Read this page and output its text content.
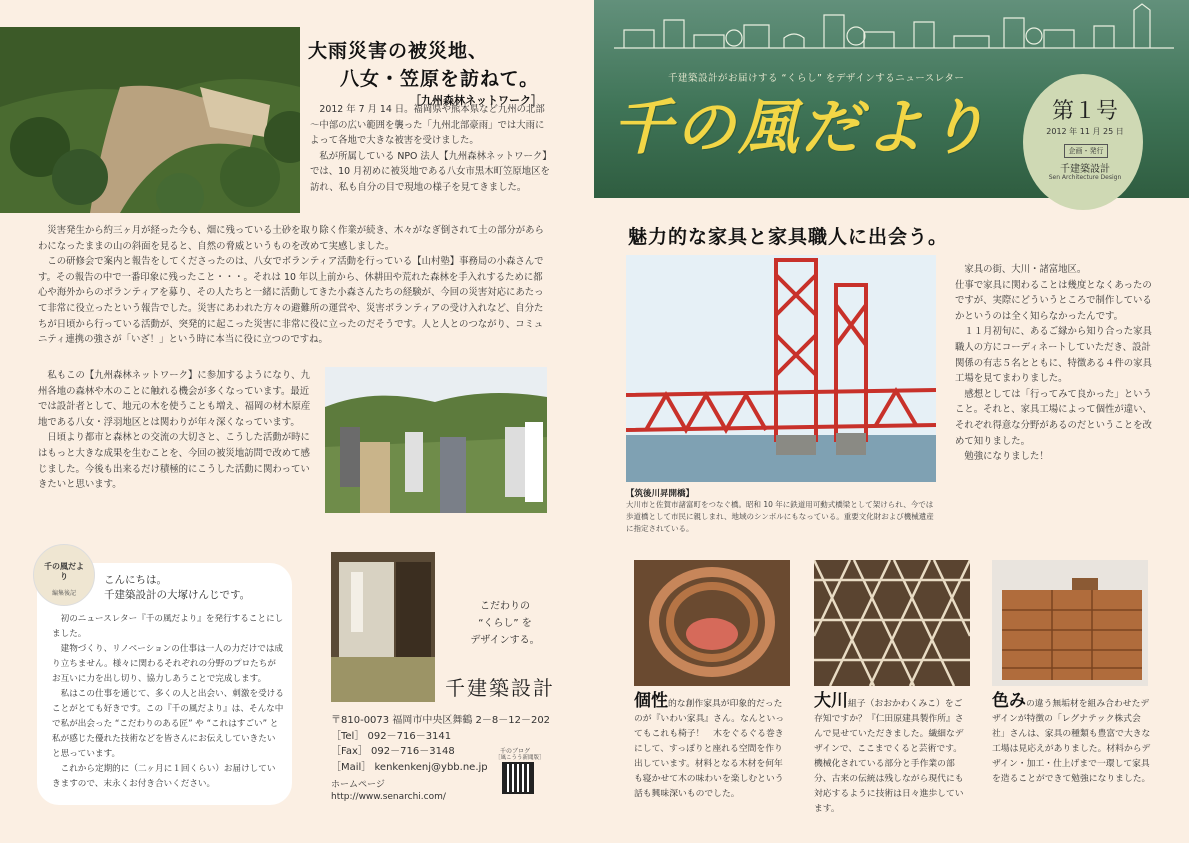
大雨災害の被災地、
八女・笠原を訪ねて。
［九州森林ネットワーク］

2012 年 7 月 14 日。福岡県や熊本県など九州の北部～中部の広い範囲を襲った「九州北部豪雨」では大雨によって各地で大きな被害を受けました。

私が所属している NPO 法人【九州森林ネットワーク】では、10 月初めに被災地である八女市黒木町笠原地区を訪れ、私も自分の目で現地の様子を見てきました。

災害発生から約三ヶ月が経った今も、畑に残っている土砂を取り除く作業が続き、木々がなぎ倒されて土の部分があらわになったままの山の斜面を見ると、自然の脅威というものを改めて実感しました。

この研修会で案内と報告をしてくださったのは、八女でボランティア活動を行っている【山村塾】事務局の小森さんです。その報告の中で一番印象に残ったこと・・・。それは 10 年以上前から、休耕田や荒れた森林を手入れするために都心や海外からのボランティアを募り、その人たちと一緒に活動してきた小森さんたちの経験が、今回の災害対応にあたって非常に役立ったという報告でした。災害にあわれた方々の避難所の運営や、災害ボランティアの受け入れなど、自分たちが日頃から行っている活動が、突発的に起こった災害に非常に役に立ったのだそうです。人と人とのつながり、コミュニティ連携の強さが「いざ！」という時に本当に役に立つのですね。

私もこの【九州森林ネットワーク】に参加するようになり、九州各地の森林や木のことに触れる機会が多くなっています。最近では設計者として、地元の木を使うことも増え、福岡の材木原産地である八女・浮羽地区とは関わりが年々深くなっています。

日頃より都市と森林との交流の大切さと、こうした活動が時にはもっと大きな成果を生むことを、今回の被災地訪問で改めて感じました。今後も出来るだけ積極的にこうした活動に関わっていきたいと思います。

千の風だより
編集後記
こんにちは。
千建築設計の大塚けんじです。

初のニュースレター『千の風だより』を発行することにしました。

建物づくり、リノベーションの仕事は一人の力だけでは成り立ちません。様々に関わるそれぞれの分野のプロたちがお互いに力を出し切り、協力しあうことで完成します。

私はこの仕事を通じて、多くの人と出会い、刺激を受けることがとても好きです。この『千の風だより』は、そんな中で私が出会った “こだわりのある匠” や “これはすごい” と私が感じた優れた技術などを皆さんにお伝えしていきたいと思っています。

これから定期的に（二ヶ月に１回くらい）お届けしていきますので、末永くお付き合いください。

こだわりの
“くらし” を
デザインする。
千建築設計

〒810-0073 福岡市中央区舞鶴 2－8－12－202

［Tel］ 092－716－3141

［Fax］ 092－716－3148

［Mail］ kenkenkenj@ybb.ne.jp

ホームページ

http://www.senarchi.com/

千のブログ
［風こうう新聞版］
千建築設計がお届けする “くらし” をデザインするニュースレター
千の風だより	第１号
2012 年 11 月 25 日
企画・発行
千建築設計
Sen Architecture Design
魅力的な家具と家具職人に出会う。
【筑後川昇開橋】
大川市と佐賀市諸富町をつなぐ橋。昭和 10 年に鉄道用可動式橋梁として架けられ、今では歩道橋として市民に親しまれ、地域のシンボルにもなっている。重要文化財および機械遺産に指定されている。

家具の街、大川・諸富地区。

仕事で家具に関わることは幾度となくあったのですが、実際にどういうところで制作しているかというのは全く知らなかったんです。

１１月初旬に、あるご縁から知り合った家具職人の方にコーディネートしていただき、設計関係の有志５名とともに、特徴ある４件の家具工場を見てまわりました。

感想としては「行ってみて良かった」ということ。それと、家具工場によって個性が違い、それぞれ得意な分野があるのだということを改めて知りました。

勉強になりました！

個性的な創作家具が印象的だったのが『いわい家具』さん。なんといってもこれも椅子！　木をぐるぐる巻きにして、すっぽりと座れる空間を作り出しています。材料となる木材を何年も寝かせて木の味わいを楽しむという話も興味深いものでした。

大川組子（おおかわくみこ）をご存知ですか？『仁田原建具製作所』さんで見せていただきました。繊細なデザインで、ここまでくると芸術です。機械化されている部分と手作業の部分、古来の伝統は残しながら現代にも対応するように技術は日々進歩しています。

色みの違う無垢材を組み合わせたデザインが特徴の「レグナテック株式会社」さんは、家具の種類も豊富で大きな工場は見応えがありました。材料からデザイン・加工・仕上げまで一環して家具を造ることができて勉強になりました。
